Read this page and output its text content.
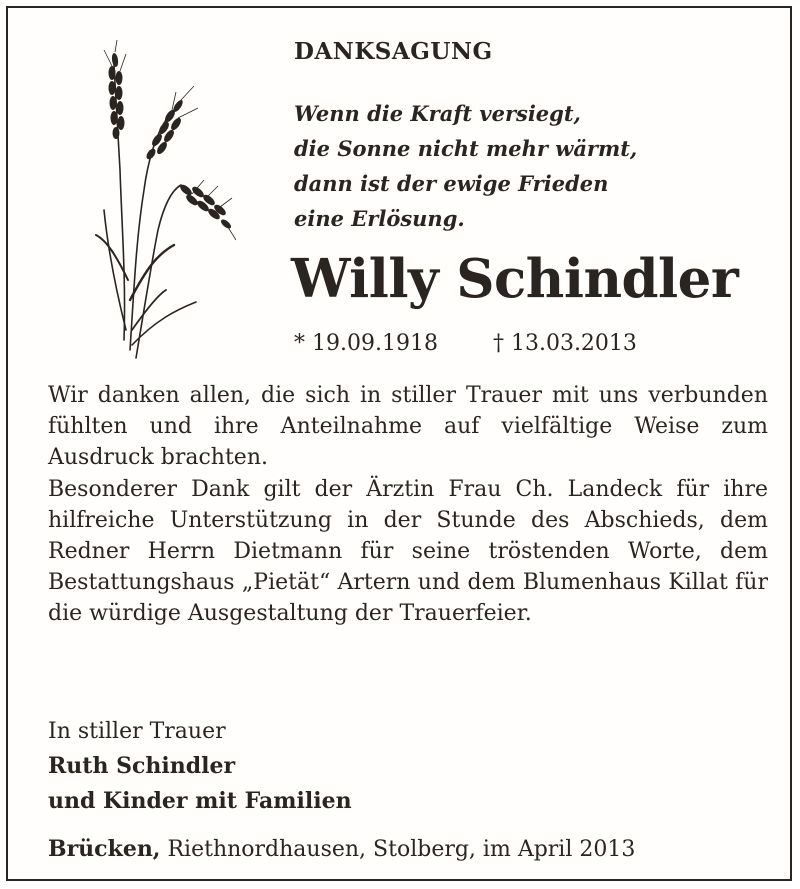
DANKSAGUNG
Wenn die Kraft versiegt,
die Sonne nicht mehr wärmt,
dann ist der ewige Frieden
eine Erlösung.
Willy Schindler
* 19.09.1918	† 13.03.2013

Wir danken allen, die sich in stiller Trauer mit uns verbunden fühlten und ihre Anteilnahme auf vielfältige Weise zum Ausdruck brachten.

Besonderer Dank gilt der Ärztin Frau Ch. Landeck für ihre hilfreiche Unterstützung in der Stunde des Abschieds, dem Redner Herrn Dietmann für seine tröstenden Worte, dem Bestattungshaus „Pietät“ Artern und dem Blumenhaus Killat für die würdige Ausgestaltung der Trauerfeier.

In stiller Trauer
Ruth Schindler
und Kinder mit Familien
Brücken, Riethnordhausen, Stolberg, im April 2013
